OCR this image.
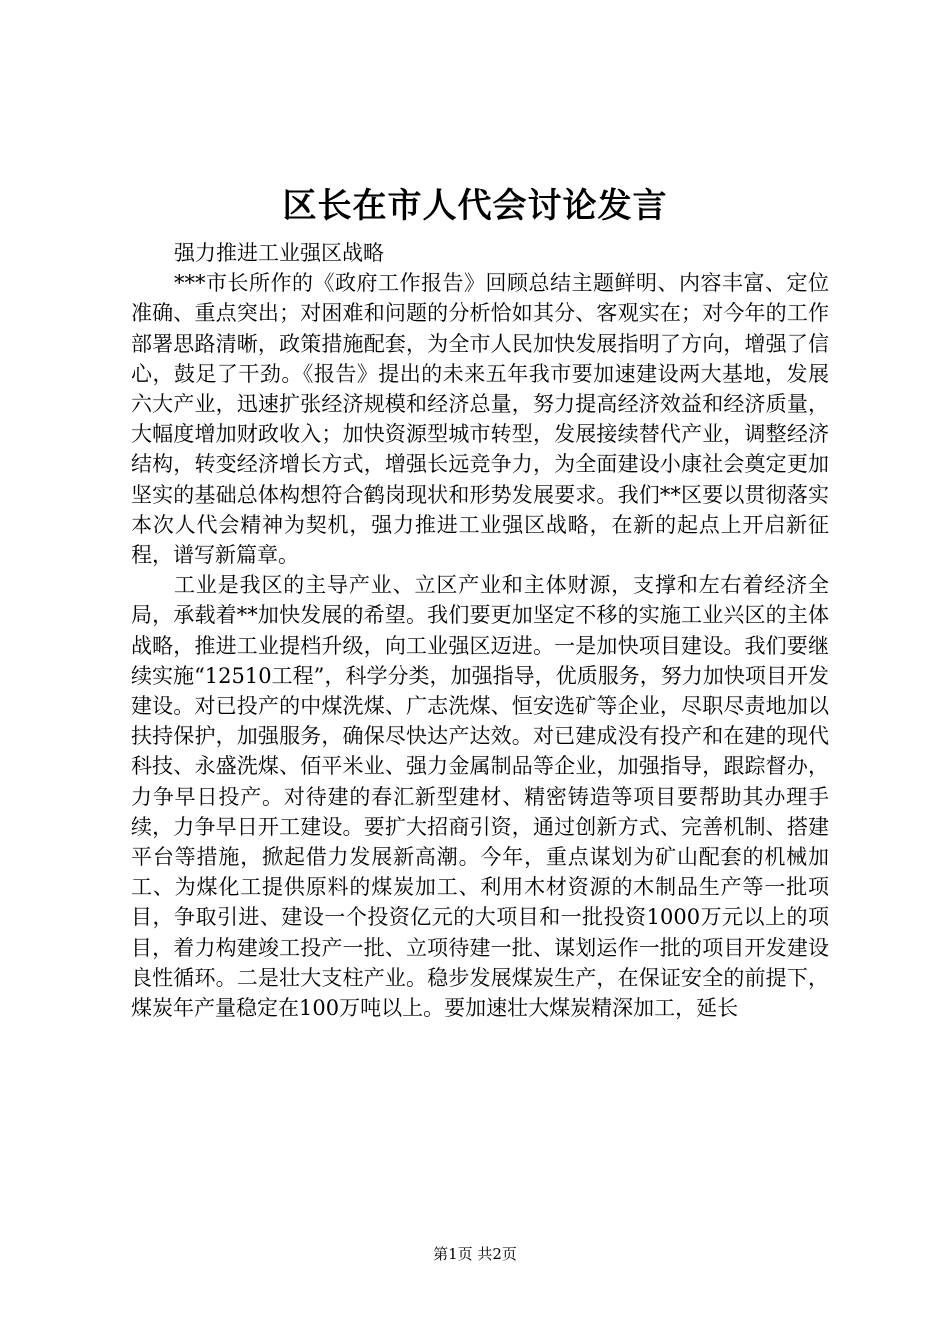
区长在市人代会讨论发言

强力推进工业强区战略

***市长所作的《政府工作报告》回顾总结主题鲜明、内容丰富、定位准确、重点突出；对困难和问题的分析恰如其分、客观实在；对今年的工作部署思路清晰，政策措施配套，为全市人民加快发展指明了方向，增强了信心，鼓足了干劲。《报告》提出的未来五年我市要加速建设两大基地，发展六大产业，迅速扩张经济规模和经济总量，努力提高经济效益和经济质量，大幅度增加财政收入；加快资源型城市转型，发展接续替代产业，调整经济结构，转变经济增长方式，增强长远竞争力，为全面建设小康社会奠定更加坚实的基础总体构想符合鹤岗现状和形势发展要求。我们**区要以贯彻落实本次人代会精神为契机，强力推进工业强区战略，在新的起点上开启新征程，谱写新篇章。

工业是我区的主导产业、立区产业和主体财源，支撑和左右着经济全局，承载着**加快发展的希望。我们要更加坚定不移的实施工业兴区的主体战略，推进工业提档升级，向工业强区迈进。一是加快项目建设。我们要继续实施“12510工程”，科学分类，加强指导，优质服务，努力加快项目开发建设。对已投产的中煤洗煤、广志洗煤、恒安选矿等企业，尽职尽责地加以扶持保护，加强服务，确保尽快达产达效。对已建成没有投产和在建的现代科技、永盛洗煤、佰平米业、强力金属制品等企业，加强指导，跟踪督办，力争早日投产。对待建的春汇新型建材、精密铸造等项目要帮助其办理手续，力争早日开工建设。要扩大招商引资，通过创新方式、完善机制、搭建平台等措施，掀起借力发展新高潮。今年，重点谋划为矿山配套的机械加工、为煤化工提供原料的煤炭加工、利用木材资源的木制品生产等一批项目，争取引进、建设一个投资亿元的大项目和一批投资1000万元以上的项目，着力构建竣工投产一批、立项待建一批、谋划运作一批的项目开发建设良性循环。二是壮大支柱产业。稳步发展煤炭生产，在保证安全的前提下，煤炭年产量稳定在100万吨以上。要加速壮大煤炭精深加工，延长

第1页 共2页
